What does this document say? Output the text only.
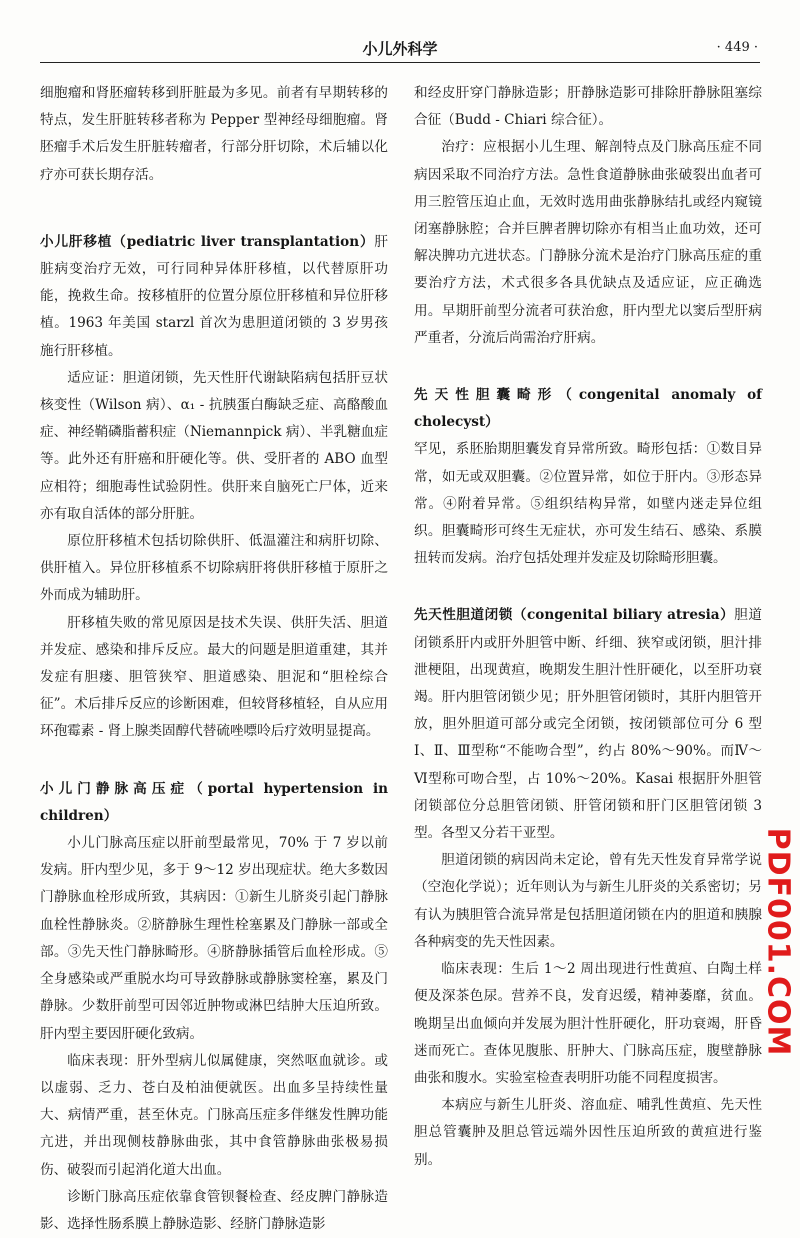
小儿外科学	· 449 ·

细胞瘤和肾胚瘤转移到肝脏最为多见。前者有早期转移的特点，发生肝脏转移者称为 Pepper 型神经母细胞瘤。肾胚瘤手术后发生肝脏转瘤者，行部分肝切除，术后辅以化疗亦可获长期存活。

小儿肝移植（pediatric liver transplantation）肝脏病变治疗无效，可行同种异体肝移植，以代替原肝功能，挽救生命。按移植肝的位置分原位肝移植和异位肝移植。1963 年美国 starzl 首次为患胆道闭锁的 3 岁男孩施行肝移植。

适应证：胆道闭锁，先天性肝代谢缺陷病包括肝豆状核变性（Wilson 病）、α₁ - 抗胰蛋白酶缺乏症、高酪酸血症、神经鞘磷脂蓄积症（Niemannpick 病）、半乳糖血症等。此外还有肝癌和肝硬化等。供、受肝者的 ABO 血型应相符；细胞毒性试验阴性。供肝来自脑死亡尸体，近来亦有取自活体的部分肝脏。

原位肝移植术包括切除供肝、低温灌注和病肝切除、供肝植入。异位肝移植系不切除病肝将供肝移植于原肝之外而成为辅助肝。

肝移植失败的常见原因是技术失误、供肝失活、胆道并发症、感染和排斥反应。最大的问题是胆道重建，其并发症有胆瘘、胆管狭窄、胆道感染、胆泥和“胆栓综合征”。术后排斥反应的诊断困难，但较肾移植轻，自从应用环孢霉素 - 肾上腺类固醇代替硫唑嘌呤后疗效明显提高。

小儿门静脉高压症（portal hypertension in children）

小儿门脉高压症以肝前型最常见，70% 于 7 岁以前发病。肝内型少见，多于 9～12 岁出现症状。绝大多数因门静脉血栓形成所致，其病因：①新生儿脐炎引起门静脉血栓性静脉炎。②脐静脉生理性栓塞累及门静脉一部或全部。③先天性门静脉畸形。④脐静脉插管后血栓形成。⑤全身感染或严重脱水均可导致静脉或静脉窦栓塞，累及门静脉。少数肝前型可因邻近肿物或淋巴结肿大压迫所致。肝内型主要因肝硬化致病。

临床表现：肝外型病儿似属健康，突然呕血就诊。或以虚弱、乏力、苍白及柏油便就医。出血多呈持续性量大、病情严重，甚至休克。门脉高压症多伴继发性脾功能亢进，并出现侧枝静脉曲张，其中食管静脉曲张极易损伤、破裂而引起消化道大出血。

诊断门脉高压症依靠食管钡餐检查、经皮脾门静脉造影、选择性肠系膜上静脉造影、经脐门静脉造影

和经皮肝穿门静脉造影；肝静脉造影可排除肝静脉阻塞综合征（Budd - Chiari 综合征）。

治疗：应根据小儿生理、解剖特点及门脉高压症不同病因采取不同治疗方法。急性食道静脉曲张破裂出血者可用三腔管压迫止血，无效时选用曲张静脉结扎或经内窥镜闭塞静脉腔；合并巨脾者脾切除亦有相当止血功效，还可解决脾功亢进状态。门静脉分流术是治疗门脉高压症的重要治疗方法，术式很多各具优缺点及适应证，应正确选用。早期肝前型分流者可获治愈，肝内型尤以窦后型肝病严重者，分流后尚需治疗肝病。

先天性胆囊畸形（congenital anomaly of cholecyst）

罕见，系胚胎期胆囊发育异常所致。畸形包括：①数目异常，如无或双胆囊。②位置异常，如位于肝内。③形态异常。④附着异常。⑤组织结构异常，如壁内迷走异位组织。胆囊畸形可终生无症状，亦可发生结石、感染、系膜扭转而发病。治疗包括处理并发症及切除畸形胆囊。

先天性胆道闭锁（congenital biliary atresia）胆道闭锁系肝内或肝外胆管中断、纤细、狭窄或闭锁，胆汁排泄梗阻，出现黄疸，晚期发生胆汁性肝硬化，以至肝功衰竭。肝内胆管闭锁少见；肝外胆管闭锁时，其肝内胆管开放，胆外胆道可部分或完全闭锁，按闭锁部位可分 6 型Ⅰ、Ⅱ、Ⅲ型称“不能吻合型”，约占 80%～90%。而Ⅳ～Ⅵ型称可吻合型，占 10%～20%。Kasai 根据肝外胆管闭锁部位分总胆管闭锁、肝管闭锁和肝门区胆管闭锁 3 型。各型又分若干亚型。

胆道闭锁的病因尚未定论，曾有先天性发育异常学说（空泡化学说）；近年则认为与新生儿肝炎的关系密切；另有认为胰胆管合流异常是包括胆道闭锁在内的胆道和胰腺各种病变的先天性因素。

临床表现：生后 1～2 周出现进行性黄疸、白陶土样便及深茶色尿。营养不良，发育迟缓，精神萎靡，贫血。晚期呈出血倾向并发展为胆汁性肝硬化，肝功衰竭，肝昏迷而死亡。查体见腹胀、肝肿大、门脉高压症，腹壁静脉曲张和腹水。实验室检查表明肝功能不同程度损害。

本病应与新生儿肝炎、溶血症、哺乳性黄疸、先天性胆总管囊肿及胆总管远端外因性压迫所致的黄疸进行鉴别。

PDF001.COM
